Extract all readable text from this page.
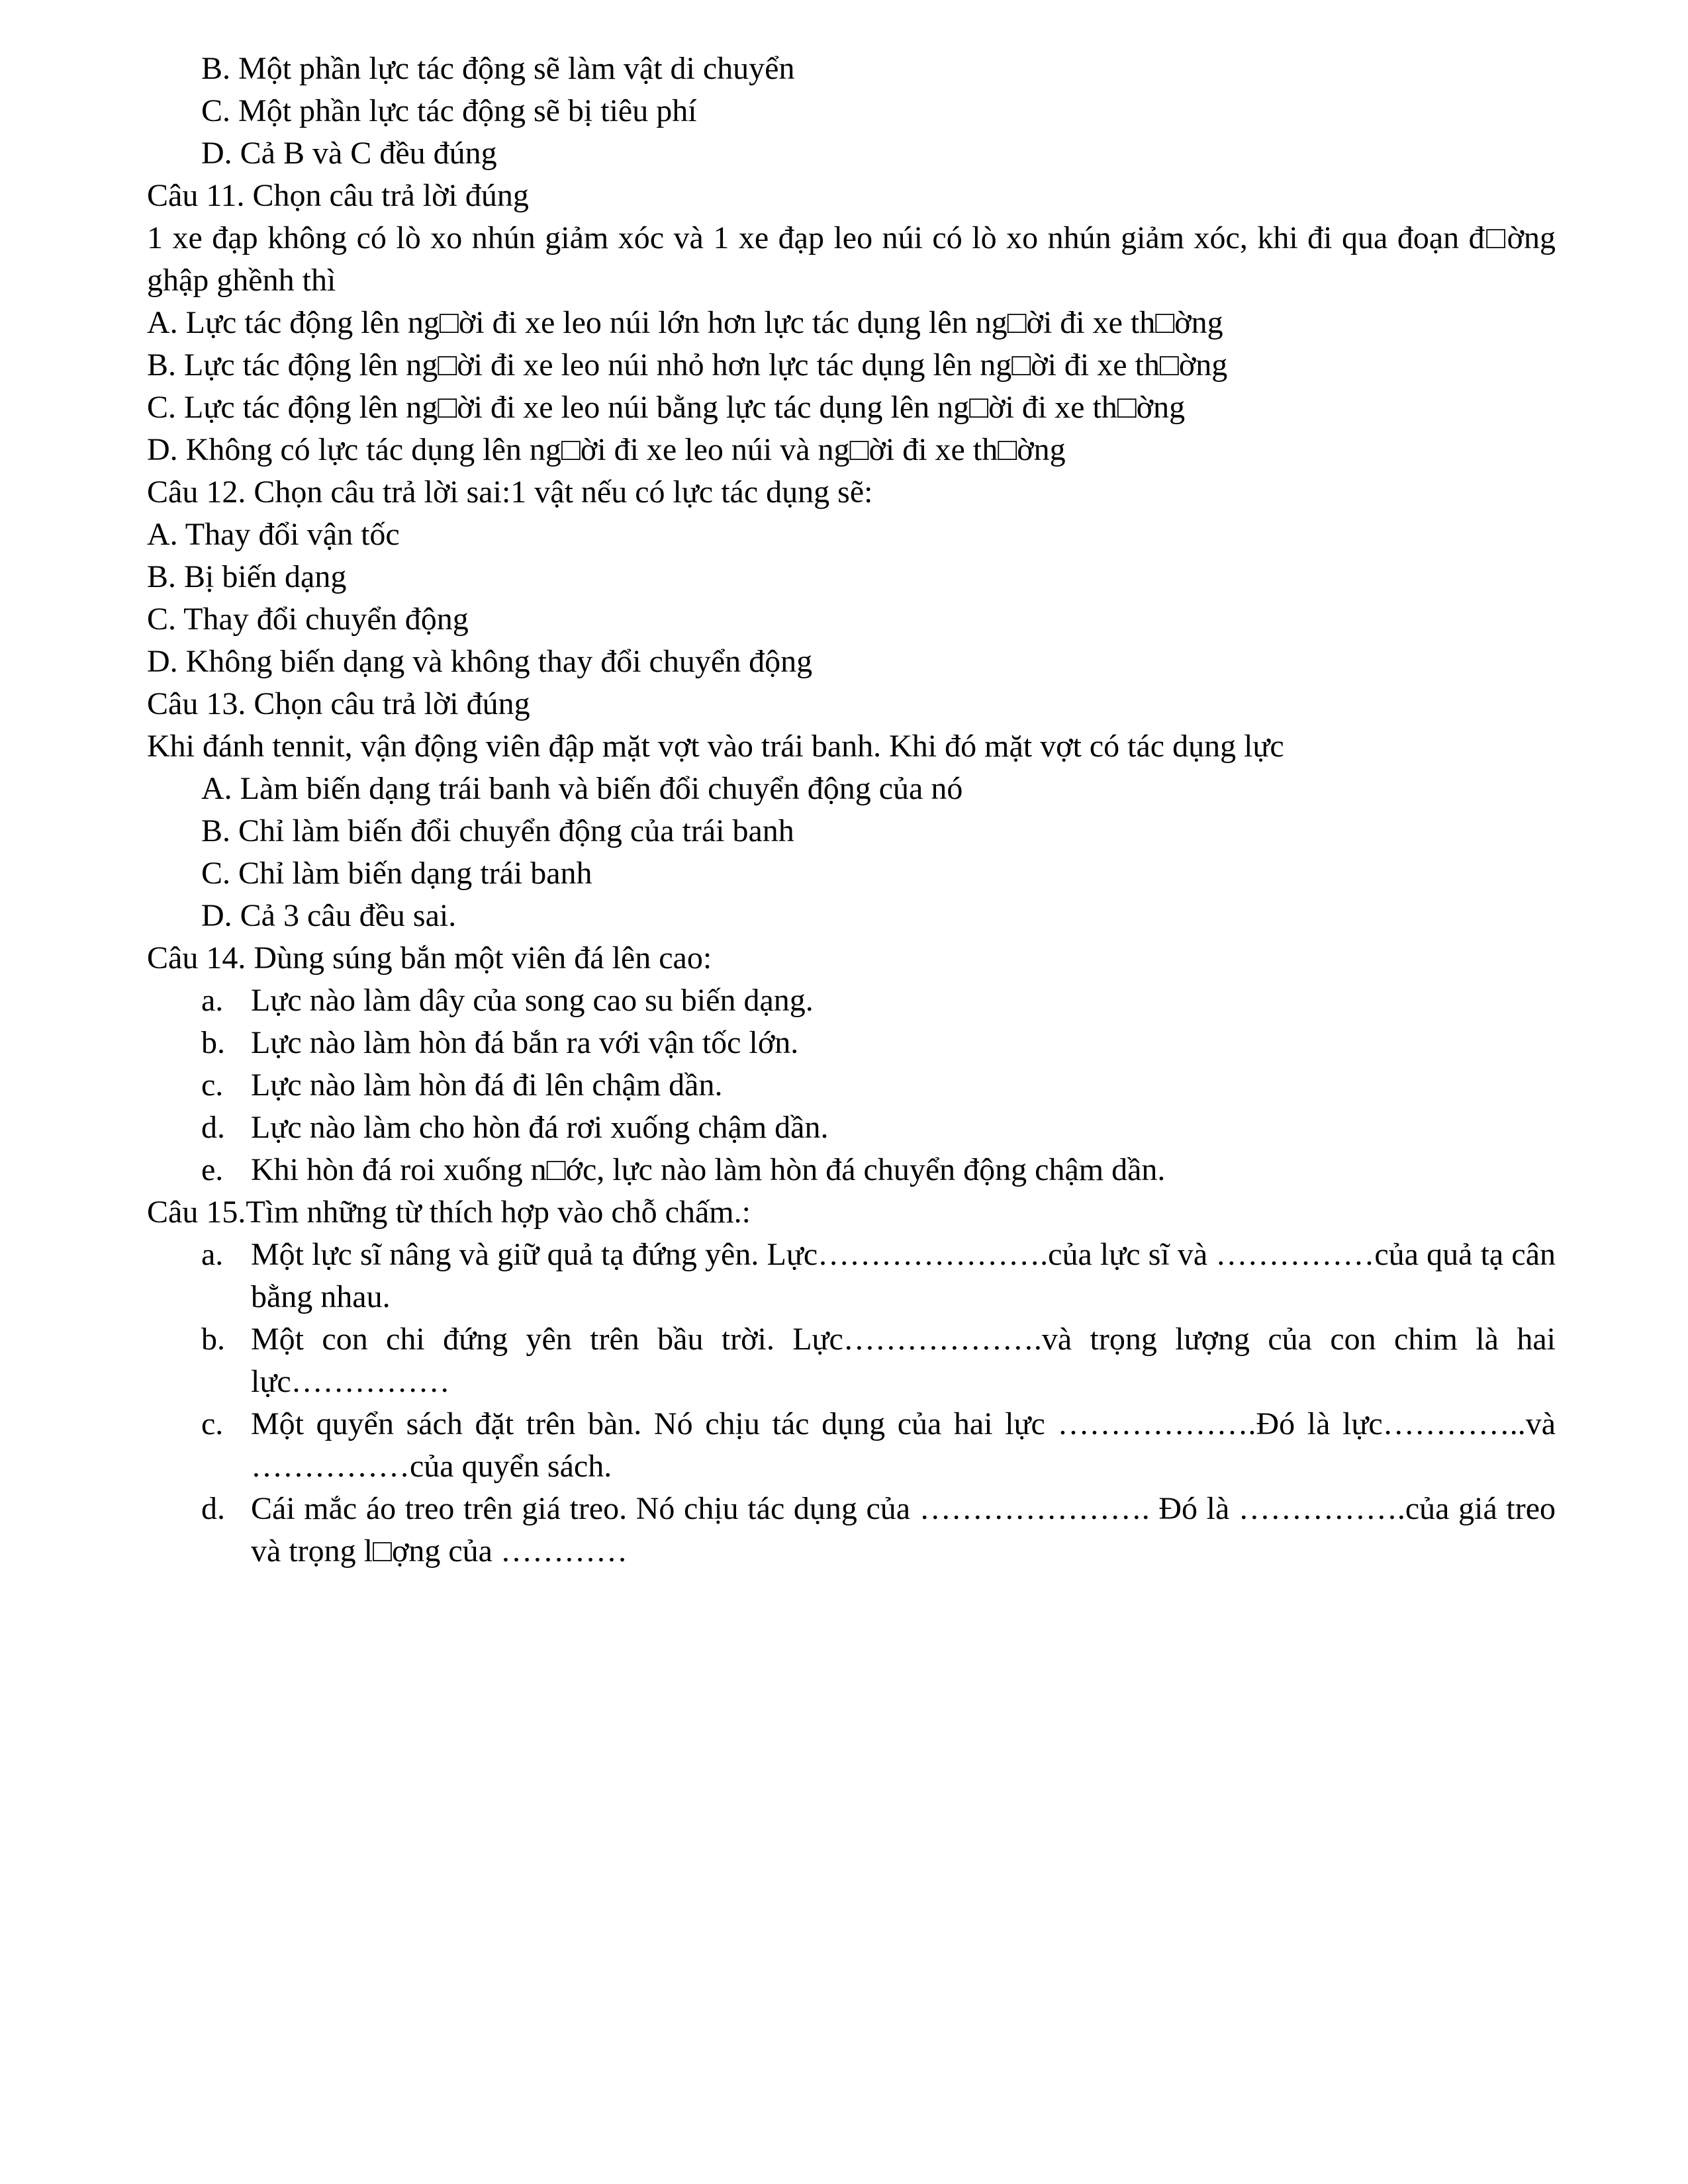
B. Một phần lực tác động sẽ làm vật di chuyển
C. Một phần lực tác động sẽ bị tiêu phí
D. Cả B và C đều đúng
Câu 11. Chọn câu trả lời đúng
1 xe đạp không có lò xo nhún giảm xóc và 1 xe đạp leo núi có lò xo nhún giảm xóc, khi đi qua đoạn đ□ờng ghập ghềnh thì
A. Lực tác động lên ng□ời đi xe leo núi lớn hơn lực tác dụng lên ng□ời đi xe th□ờng
B. Lực tác động lên ng□ời đi xe leo núi nhỏ hơn lực tác dụng lên ng□ời đi xe th□ờng
C. Lực tác động lên ng□ời đi xe leo núi bằng lực tác dụng lên ng□ời đi xe th□ờng
D. Không có lực tác dụng lên ng□ời đi xe leo núi và ng□ời đi xe th□ờng
Câu 12. Chọn câu trả lời sai:1 vật nếu có lực tác dụng sẽ:
A. Thay đổi vận tốc
B. Bị biến dạng
C. Thay đổi chuyển động
D. Không biến dạng và không thay đổi chuyển động
Câu 13. Chọn câu trả lời đúng
Khi đánh tennit, vận động viên đập mặt vợt vào trái banh. Khi đó mặt vợt có tác dụng lực
A. Làm biến dạng trái banh và biến đổi chuyển động của nó
B. Chỉ làm biến đổi chuyển động của trái banh
C. Chỉ làm biến dạng trái banh
D. Cả 3 câu đều sai.
Câu 14. Dùng súng bắn một viên đá lên cao:
a. Lực nào làm dây của song cao su biến dạng.
b. Lực nào làm hòn đá bắn ra với vận tốc lớn.
c. Lực nào làm hòn đá đi lên chậm dần.
d. Lực nào làm cho hòn đá rơi xuống chậm dần.
e. Khi hòn đá roi xuống n□ớc, lực nào làm hòn đá chuyển động chậm dần.
Câu 15.Tìm những từ thích hợp vào chỗ chấm.:
a. Một lực sĩ nâng và giữ quả tạ đứng yên. Lực………………….của lực sĩ và ……………của quả tạ cân bằng nhau.
b. Một con chi đứng yên trên bầu trời. Lực……………….và trọng lượng của con chim là hai lực……………
c. Một quyển sách đặt trên bàn. Nó chịu tác dụng của hai lực ……………….Đó là lực…………..và ……………của quyển sách.
d. Cái mắc áo treo trên giá treo. Nó chịu tác dụng của …………………. Đó là …………….của giá treo và trọng l□ợng của …………
